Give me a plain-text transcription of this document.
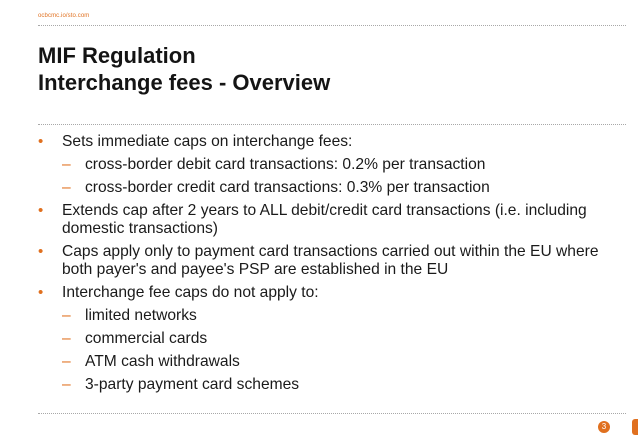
ocbcmc.io/sto.com
MIF Regulation
Interchange fees - Overview
• Sets immediate caps on interchange fees:
– cross-border debit card transactions: 0.2% per transaction
– cross-border credit card transactions: 0.3% per transaction
• Extends cap after 2 years to ALL debit/credit card transactions (i.e. including domestic transactions)
• Caps apply only to payment card transactions carried out within the EU where both payer's and payee's PSP are established in the EU
• Interchange fee caps do not apply to:
– limited networks
– commercial cards
– ATM cash withdrawals
– 3-party payment card schemes
3
